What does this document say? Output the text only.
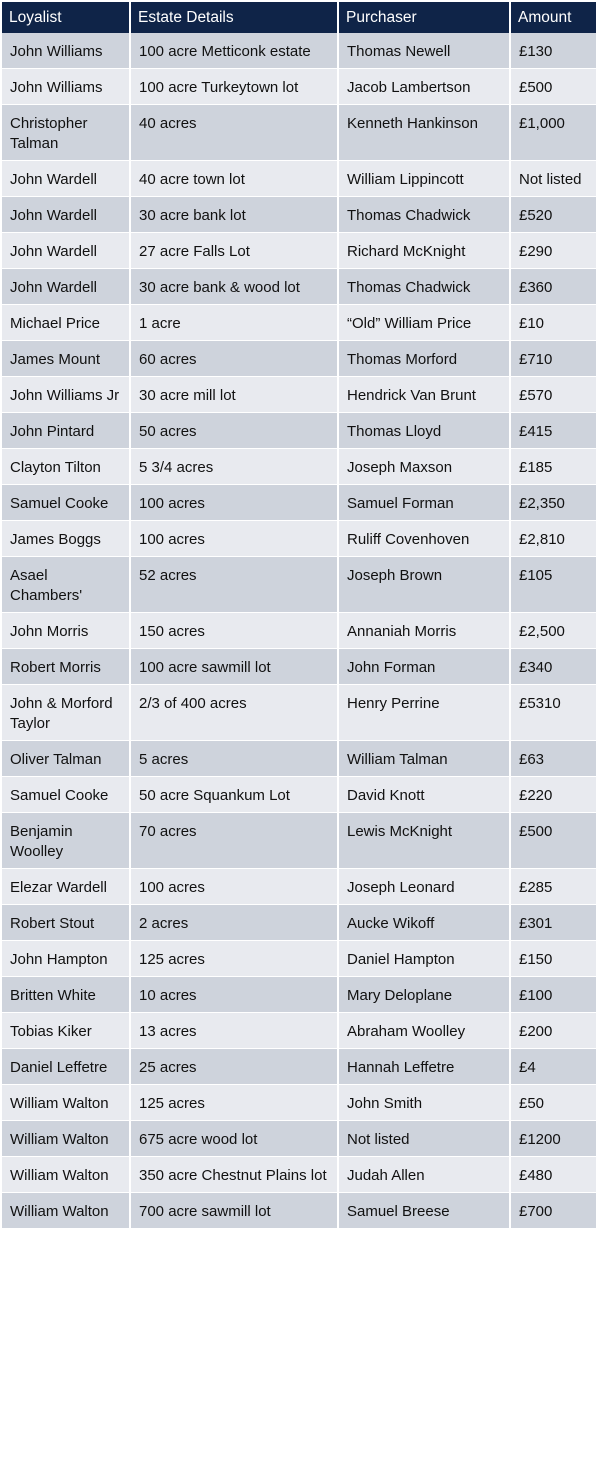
Loyalist	Estate Details	Purchaser	Amount
John Williams	100 acre Metticonk estate	Thomas Newell	£130
John Williams	100 acre Turkeytown lot	Jacob Lambertson	£500
Christopher Talman	40 acres	Kenneth Hankinson	£1,000
John Wardell	40 acre town lot	William Lippincott	Not listed
John Wardell	30 acre bank lot	Thomas Chadwick	£520
John Wardell	27 acre Falls Lot	Richard McKnight	£290
John Wardell	30 acre bank & wood lot	Thomas Chadwick	£360
Michael Price	1 acre	“Old” William Price	£10
James Mount	60 acres	Thomas Morford	£710
John Williams Jr	30 acre mill lot	Hendrick Van Brunt	£570
John Pintard	50 acres	Thomas Lloyd	£415
Clayton Tilton	5 3/4 acres	Joseph Maxson	£185
Samuel Cooke	100 acres	Samuel Forman	£2,350
James Boggs	100 acres	Ruliff Covenhoven	£2,810
Asael Chambers'	52 acres	Joseph Brown	£105
John Morris	150 acres	Annaniah Morris	£2,500
Robert Morris	100 acre sawmill lot	John Forman	£340
John & Morford Taylor	2/3 of 400 acres	Henry Perrine	£5310
Oliver Talman	5 acres	William Talman	£63
Samuel Cooke	50 acre Squankum Lot	David Knott	£220
Benjamin Woolley	70 acres	Lewis McKnight	£500
Elezar Wardell	100 acres	Joseph Leonard	£285
Robert Stout	2 acres	Aucke Wikoff	£301
John Hampton	125 acres	Daniel Hampton	£150
Britten White	10 acres	Mary Deloplane	£100
Tobias Kiker	13 acres	Abraham Woolley	£200
Daniel Leffetre	25 acres	Hannah Leffetre	£4
William Walton	125 acres	John Smith	£50
William Walton	675 acre wood lot	Not listed	£1200
William Walton	350 acre Chestnut Plains lot	Judah Allen	£480
William Walton	700 acre sawmill lot	Samuel Breese	£700
